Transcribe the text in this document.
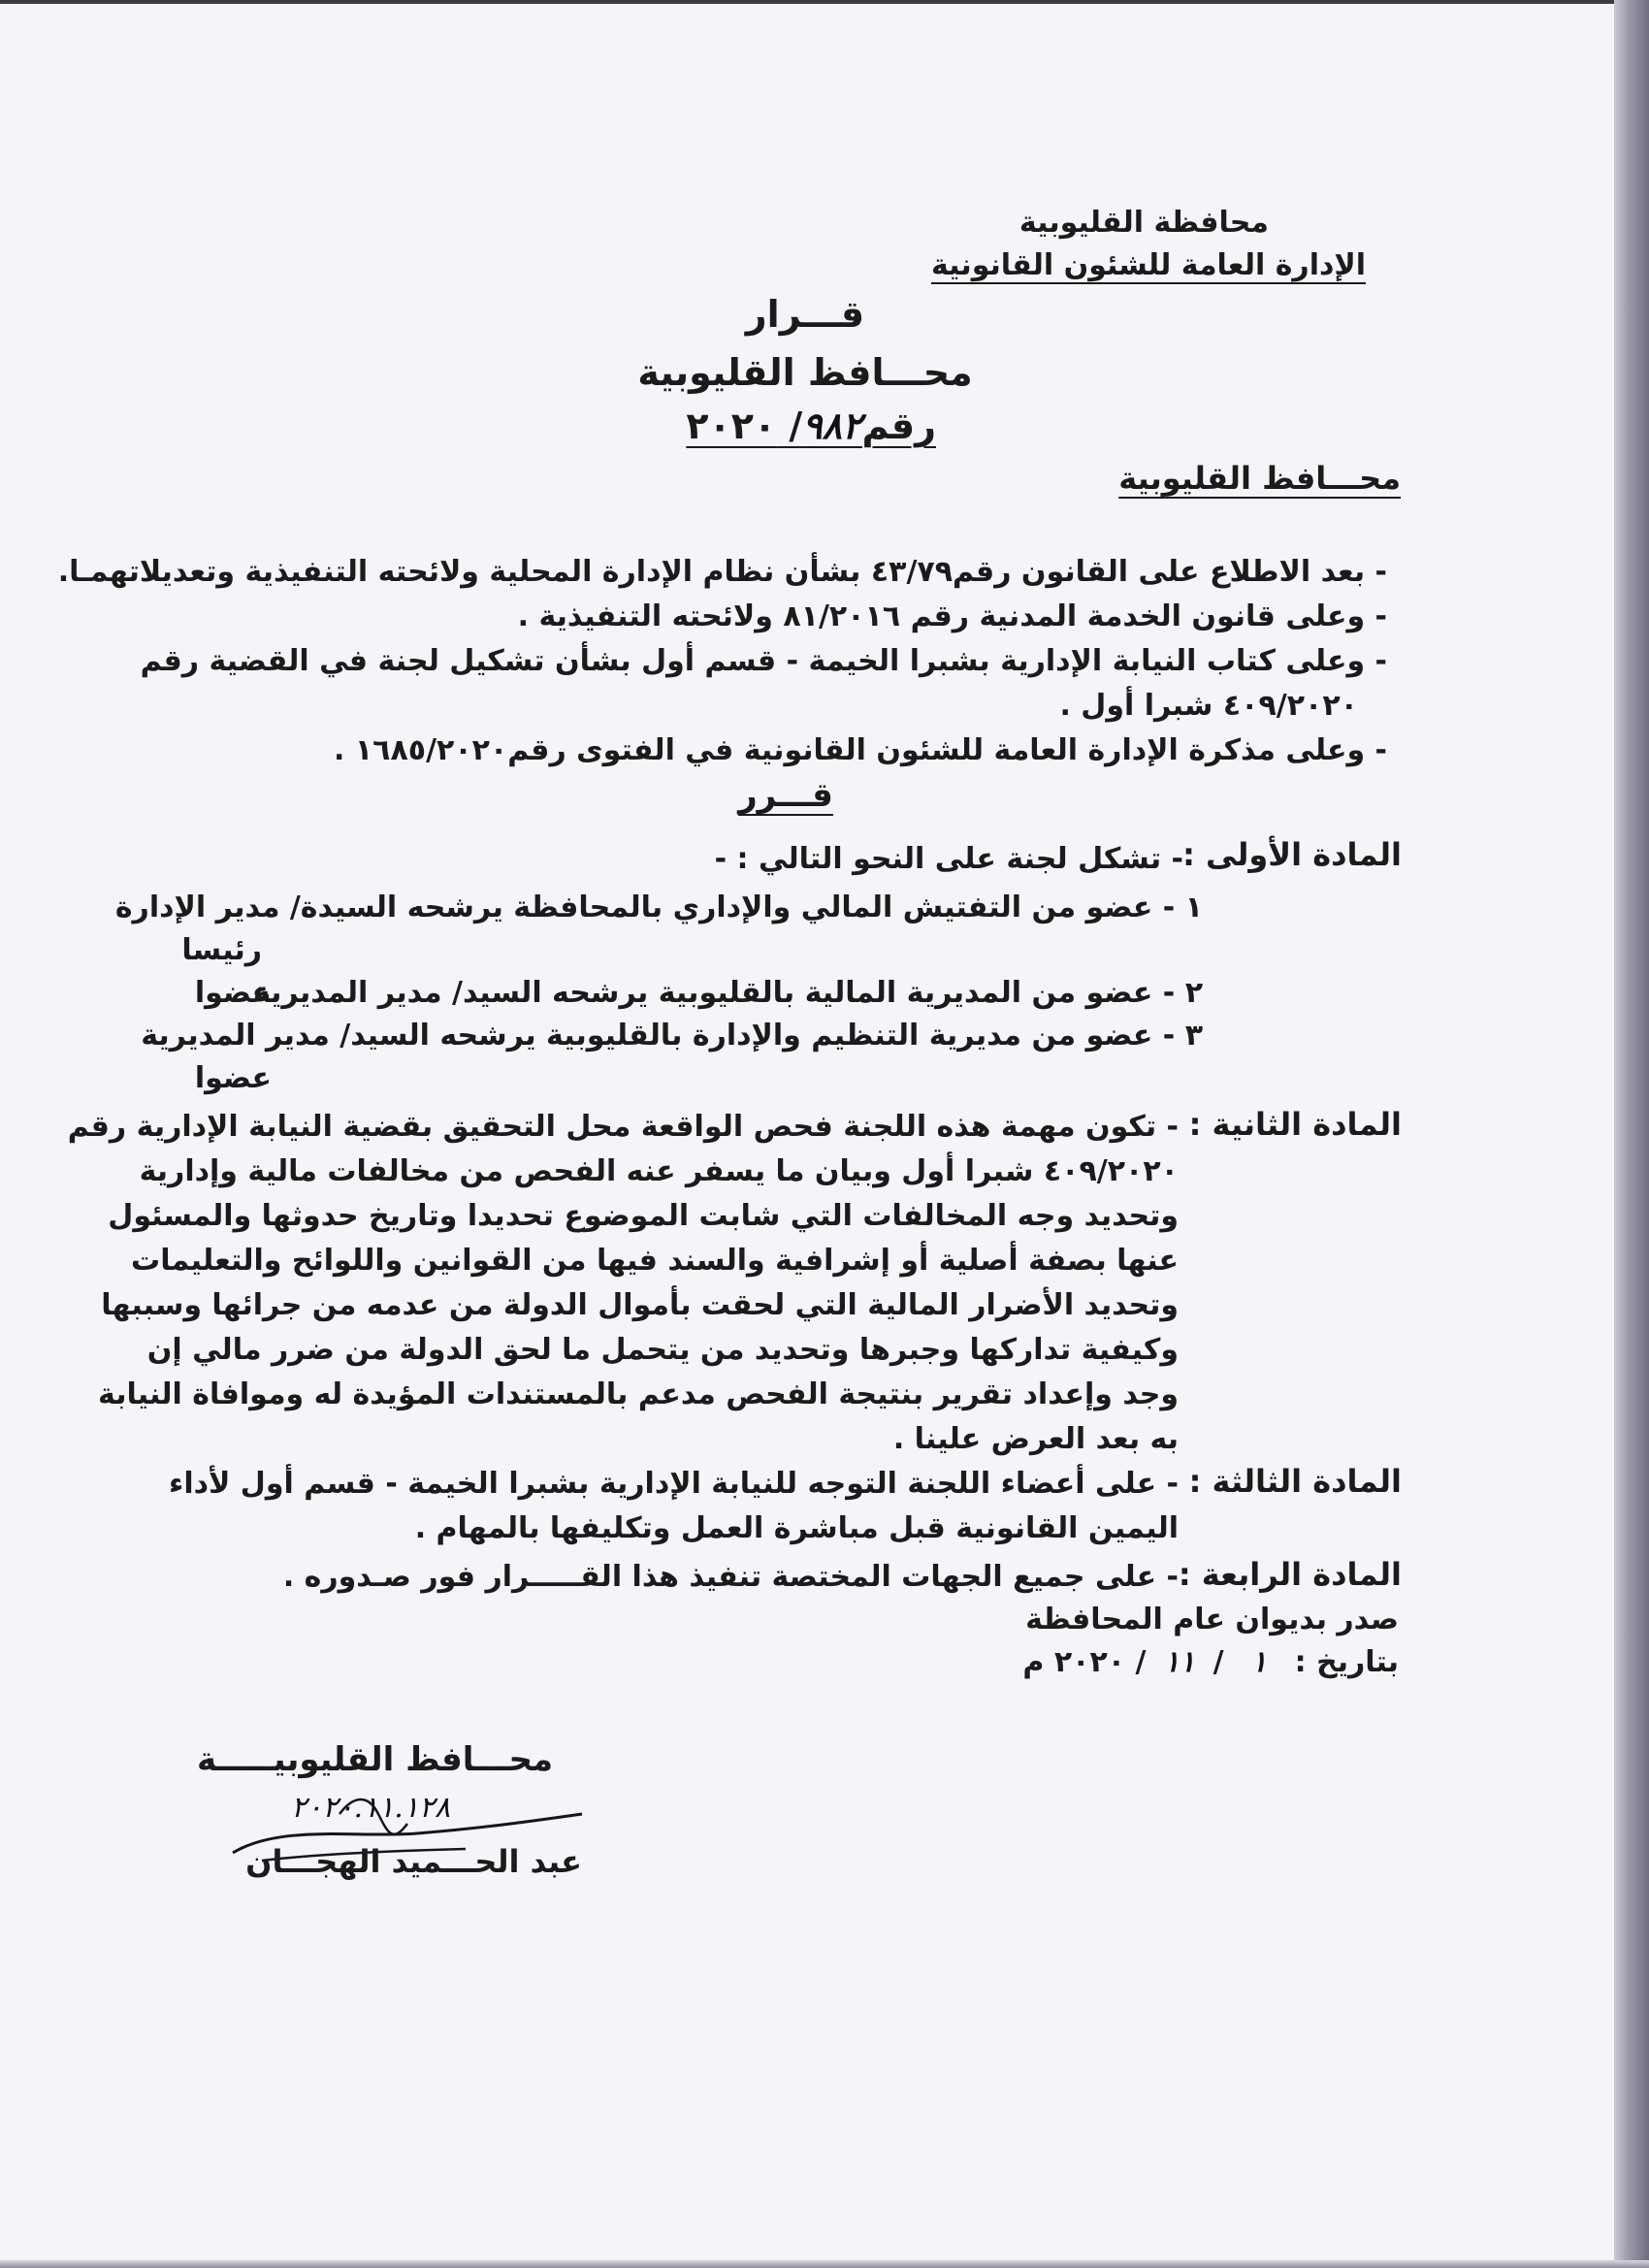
محافظة القليوبية
الإدارة العامة للشئون القانونية
قـــرار
محـــافظ القليوبية
رقم٩٨٢/ ٢٠٢٠
محـــافظ القليوبية
- بعد الاطلاع على القانون رقم٤٣/٧٩ بشأن نظام الإدارة المحلية ولائحته التنفيذية وتعديلاتهمـا.
- وعلى قانون الخدمة المدنية رقم ٨١/٢٠١٦ ولائحته التنفيذية .
- وعلى كتاب النيابة الإدارية بشبرا الخيمة - قسم أول بشأن تشكيل لجنة في القضية رقم
٤٠٩/٢٠٢٠ شبرا أول .
- وعلى مذكرة الإدارة العامة للشئون القانونية في الفتوى رقم١٦٨٥/٢٠٢٠ .
قـــرر
المادة الأولى :
- تشكل لجنة على النحو التالي : -
١ - عضو من التفتيش المالي والإداري بالمحافظة يرشحه السيدة/ مدير الإدارة
رئيسا
٢ - عضو من المديرية المالية بالقليوبية يرشحه السيد/ مدير المديرية
عضوا
٣ - عضو من مديرية التنظيم والإدارة بالقليوبية يرشحه السيد/ مدير المديرية
عضوا
المادة الثانية :
- تكون مهمة هذه اللجنة فحص الواقعة محل التحقيق بقضية النيابة الإدارية رقم
٤٠٩/٢٠٢٠ شبرا أول وبيان ما يسفر عنه الفحص من مخالفات مالية وإدارية
وتحديد وجه المخالفات التي شابت الموضوع تحديدا وتاريخ حدوثها والمسئول
عنها بصفة أصلية أو إشرافية والسند فيها من القوانين واللوائح والتعليمات
وتحديد الأضرار المالية التي لحقت بأموال الدولة من عدمه من جرائها وسببها
وكيفية تداركها وجبرها وتحديد من يتحمل ما لحق الدولة من ضرر مالي إن
وجد وإعداد تقرير بنتيجة الفحص مدعم بالمستندات المؤيدة له وموافاة النيابة
به بعد العرض علينا .
المادة الثالثة :
- على أعضاء اللجنة التوجه للنيابة الإدارية بشبرا الخيمة - قسم أول لأداء
اليمين القانونية قبل مباشرة العمل وتكليفها بالمهام .
المادة الرابعة :
- على جميع الجهات المختصة تنفيذ هذا القـــــرار فور صـدوره .
صدر بديوان عام المحافظة
بتاريخ : ١ / ١١ / ٢٠٢٠ م
محـــافظ القليوبيـــــة
٢٠٢٠.١١.١٢٨
عبد الحـــميد الهجـــان
